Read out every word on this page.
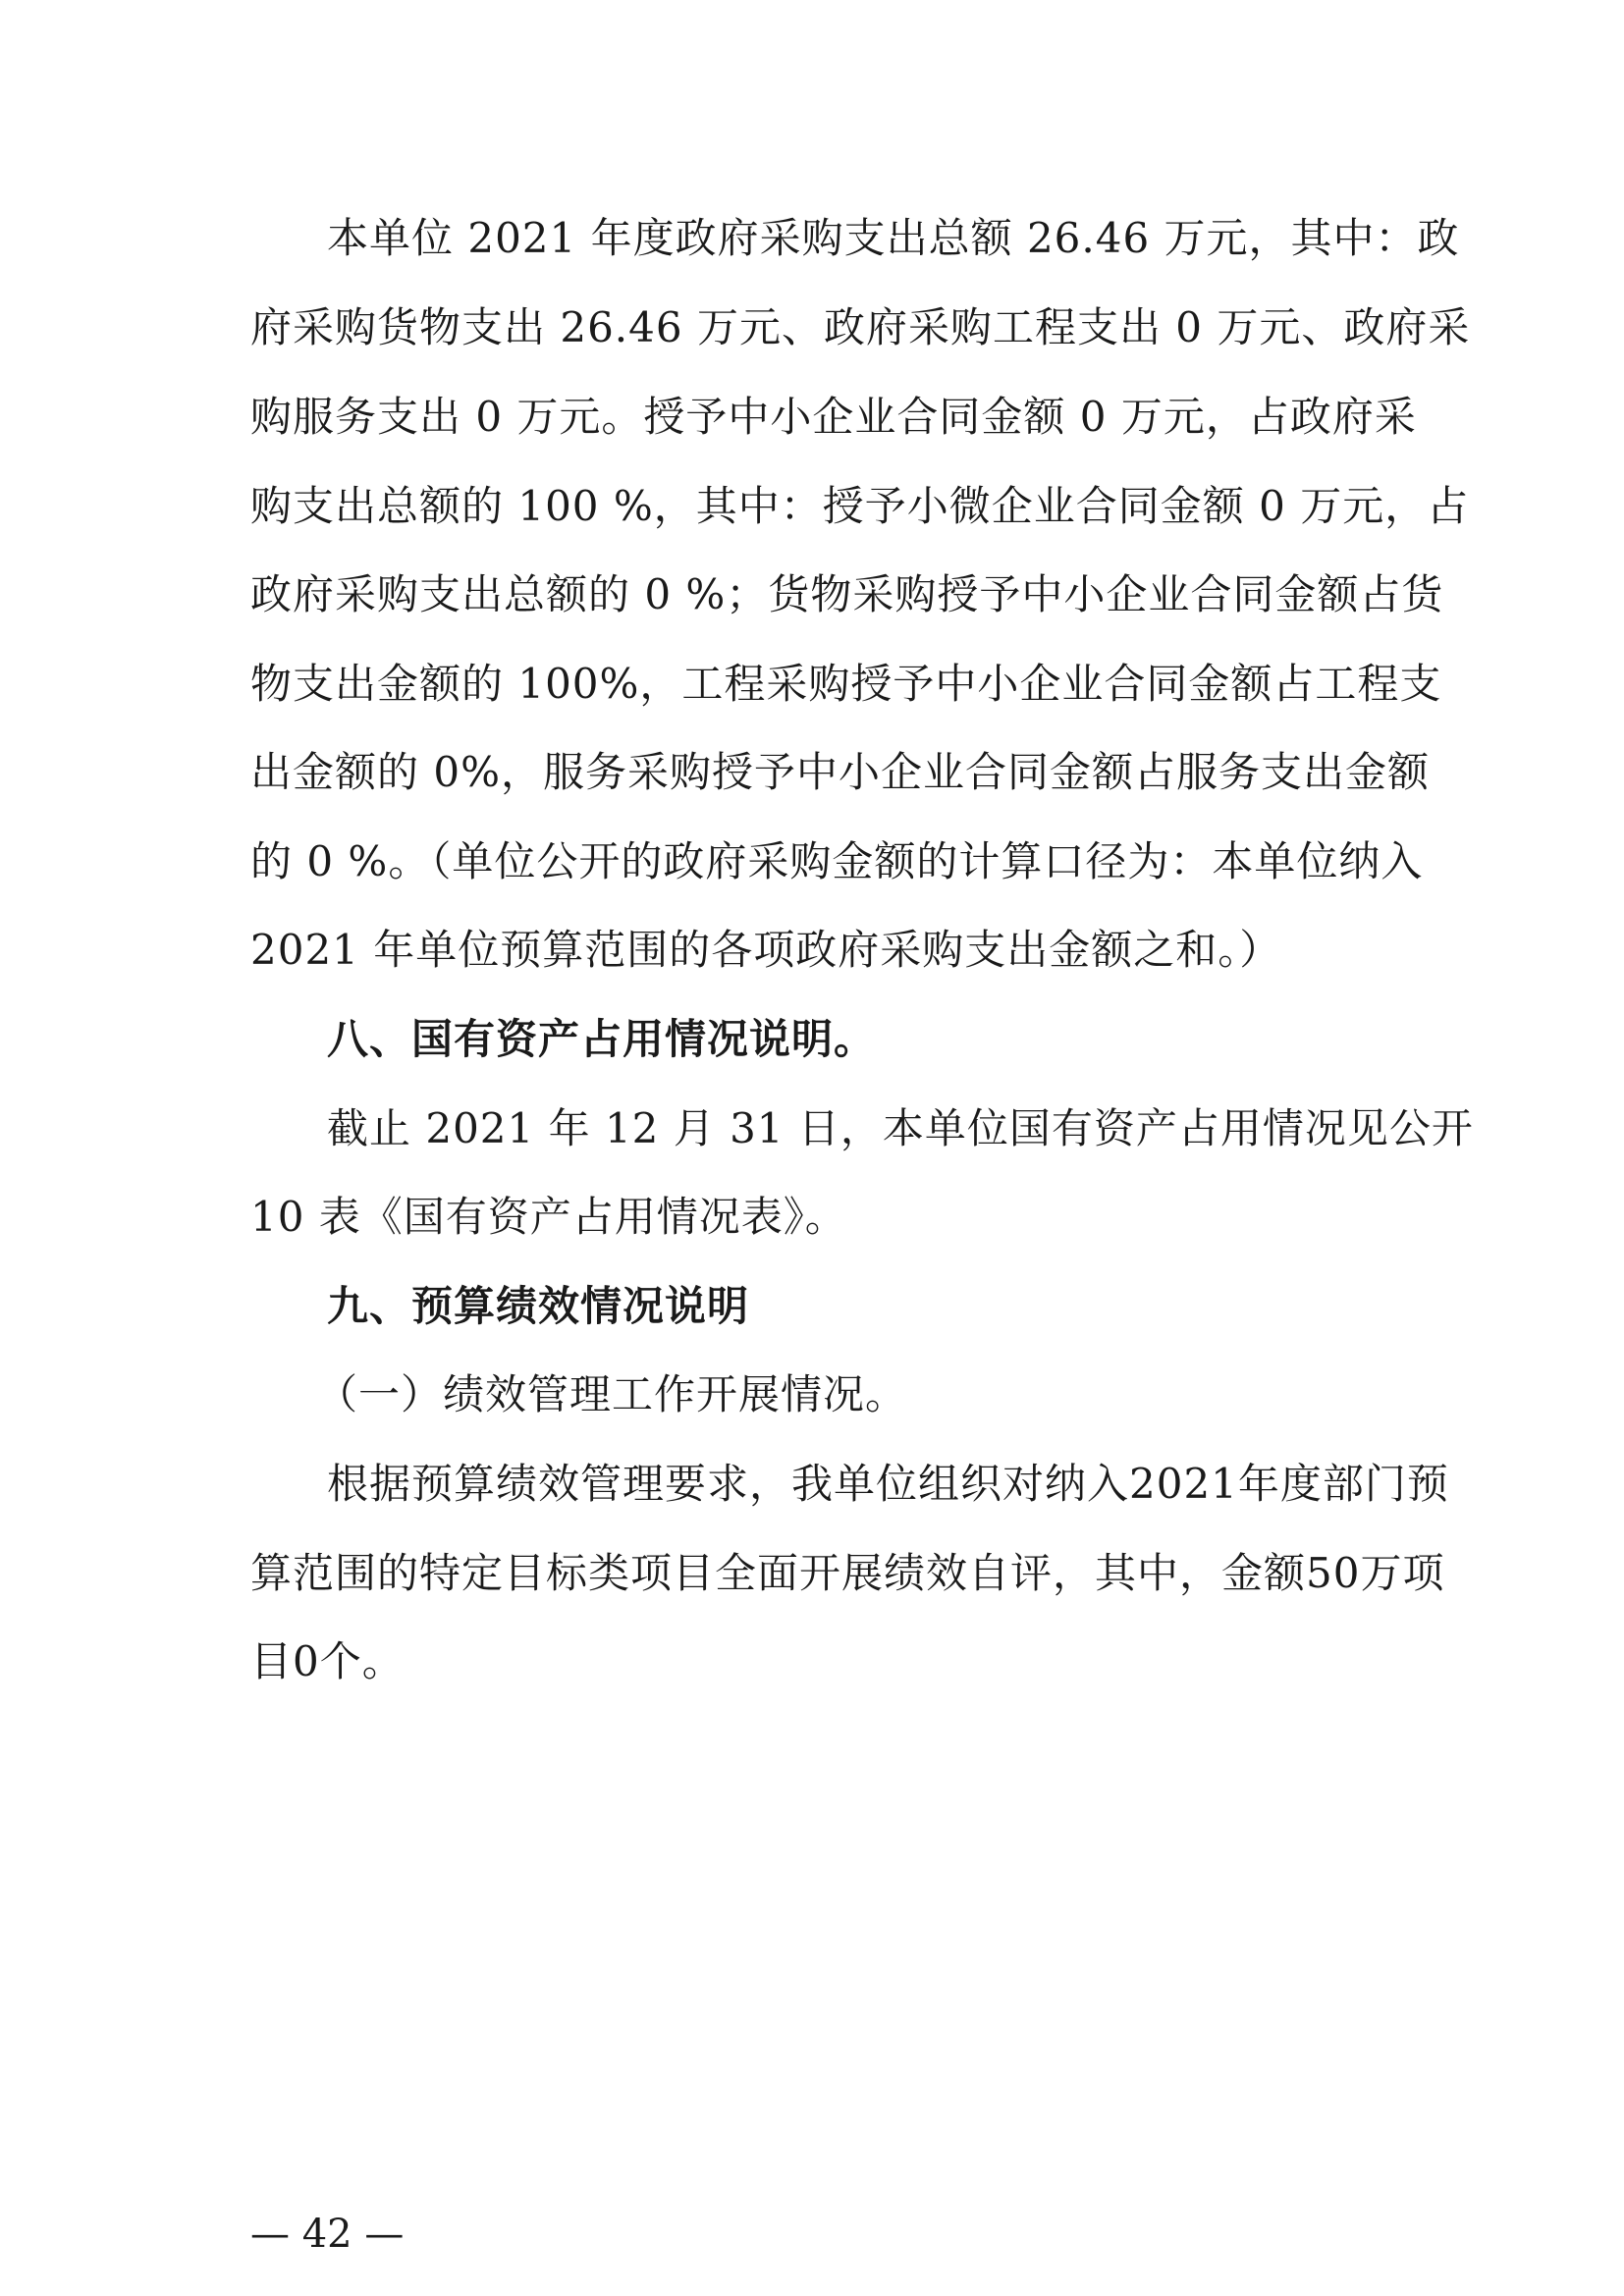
本单位 2021 年度政府采购支出总额 26.46 万元，其中：政
府采购货物支出 26.46 万元、政府采购工程支出 0 万元、政府采
购服务支出 0 万元。授予中小企业合同金额 0 万元，占政府采
购支出总额的 100 %，其中：授予小微企业合同金额 0 万元，占
政府采购支出总额的 0 %；货物采购授予中小企业合同金额占货
物支出金额的 100%，工程采购授予中小企业合同金额占工程支
出金额的 0%，服务采购授予中小企业合同金额占服务支出金额
的 0 %。（单位公开的政府采购金额的计算口径为：本单位纳入
2021 年单位预算范围的各项政府采购支出金额之和。）
八、国有资产占用情况说明。
截止 2021 年 12 月 31 日，本单位国有资产占用情况见公开
10 表《国有资产占用情况表》。
九、预算绩效情况说明
（一）绩效管理工作开展情况。
根据预算绩效管理要求，我单位组织对纳入2021年度部门预
算范围的特定目标类项目全面开展绩效自评，其中，金额50万项
目0个。
— 42 —
